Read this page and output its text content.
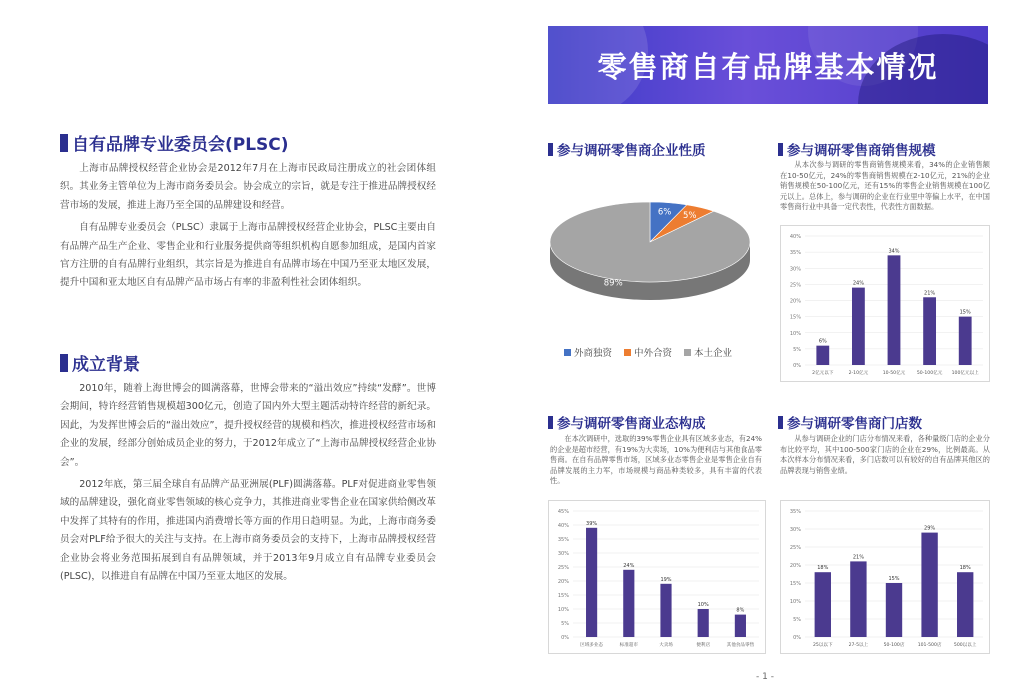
零售商自有品牌基本情况
自有品牌专业委员会(PLSC)

上海市品牌授权经营企业协会是2012年7月在上海市民政局注册成立的社会团体组织。其业务主管单位为上海市商务委员会。协会成立的宗旨，就是专注于推进品牌授权经营市场的发展，推进上海乃至全国的品牌建设和经营。

自有品牌专业委员会（PLSC）隶属于上海市品牌授权经营企业协会，PLSC主要由自有品牌产品生产企业、零售企业和行业服务提供商等组织机构自愿参加组成，是国内首家官方注册的自有品牌行业组织，其宗旨是为推进自有品牌市场在中国乃至亚太地区发展，提升中国和亚太地区自有品牌产品市场占有率的非盈利性社会团体组织。

成立背景

2010年，随着上海世博会的圆满落幕，世博会带来的“溢出效应”持续“发酵”。世博会期间，特许经营销售规模超300亿元，创造了国内外大型主题活动特许经营的新纪录。因此，为发挥世博会后的“溢出效应”，提升授权经营的规模和档次，推进授权经营市场和企业的发展，经部分创始成员企业的努力，于2012年成立了“上海市品牌授权经营企业协会”。

2012年底，第三届全球自有品牌产品亚洲展(PLF)圆满落幕。PLF对促进商业零售领域的品牌建设，强化商业零售领域的核心竞争力，其推进商业零售企业在国家供给侧改革中发挥了其特有的作用，推进国内消费增长等方面的作用日趋明显。为此，上海市商务委员会对PLF给予很大的关注与支持。在上海市商务委员会的支持下，上海市品牌授权经营企业协会将业务范围拓展到自有品牌领域，并于2013年9月成立自有品牌专业委员会(PLSC)，以推进自有品牌在中国乃至亚太地区的发展。

参与调研零售商企业性质
6% 5%
89%
外商独资 中外合资 本土企业
参与调研零售商销售规模

从本次参与调研的零售商销售规模来看，34%的企业销售额在10-50亿元，24%的零售商销售规模在2-10亿元，21%的企业销售规模在50-100亿元，还有15%的零售企业销售规模在100亿元以上。总体上，参与调研的企业在行业里中等偏上水平，在中国零售商行业中具备一定代表性，代表性方面数据。

0%
5%
10%
15%
20%
25%
30%
35%
40%
6%
2亿元以下
24%
2-10亿元
34%
10-50亿元
21%
50-100亿元
15%
100亿元以上
参与调研零售商业态构成

在本次调研中，选取的39%零售企业具有区域多业态，有24%的企业是超市经营，有19%为大卖场，10%为便利店与其他食品零售商。在自有品牌零售市场，区域多业态零售企业是零售企业自有品牌发展的主力军，市场规模与商品种类较多，具有丰富的代表性。

0%
5%
10%
15%
20%
25%
30%
35%
40%
45%
39%
区域多业态
24%
标准超市
19%
大卖场
10%
便利店
8%
其他食品零售
参与调研零售商门店数

从参与调研企业的门店分布情况来看，各种量级门店的企业分布比较平均，其中100-500家门店的企业在29%，比例最高。从本次样本分布情况来看，多门店数可以有较好的自有品牌其他区的品牌表现与销售业绩。

0%
5%
10%
15%
20%
25%
30%
35%
18%
25以以下
21%
27-5以上
15%
50-100店
29%
101-500店
18%
500以以上
- 1 -
